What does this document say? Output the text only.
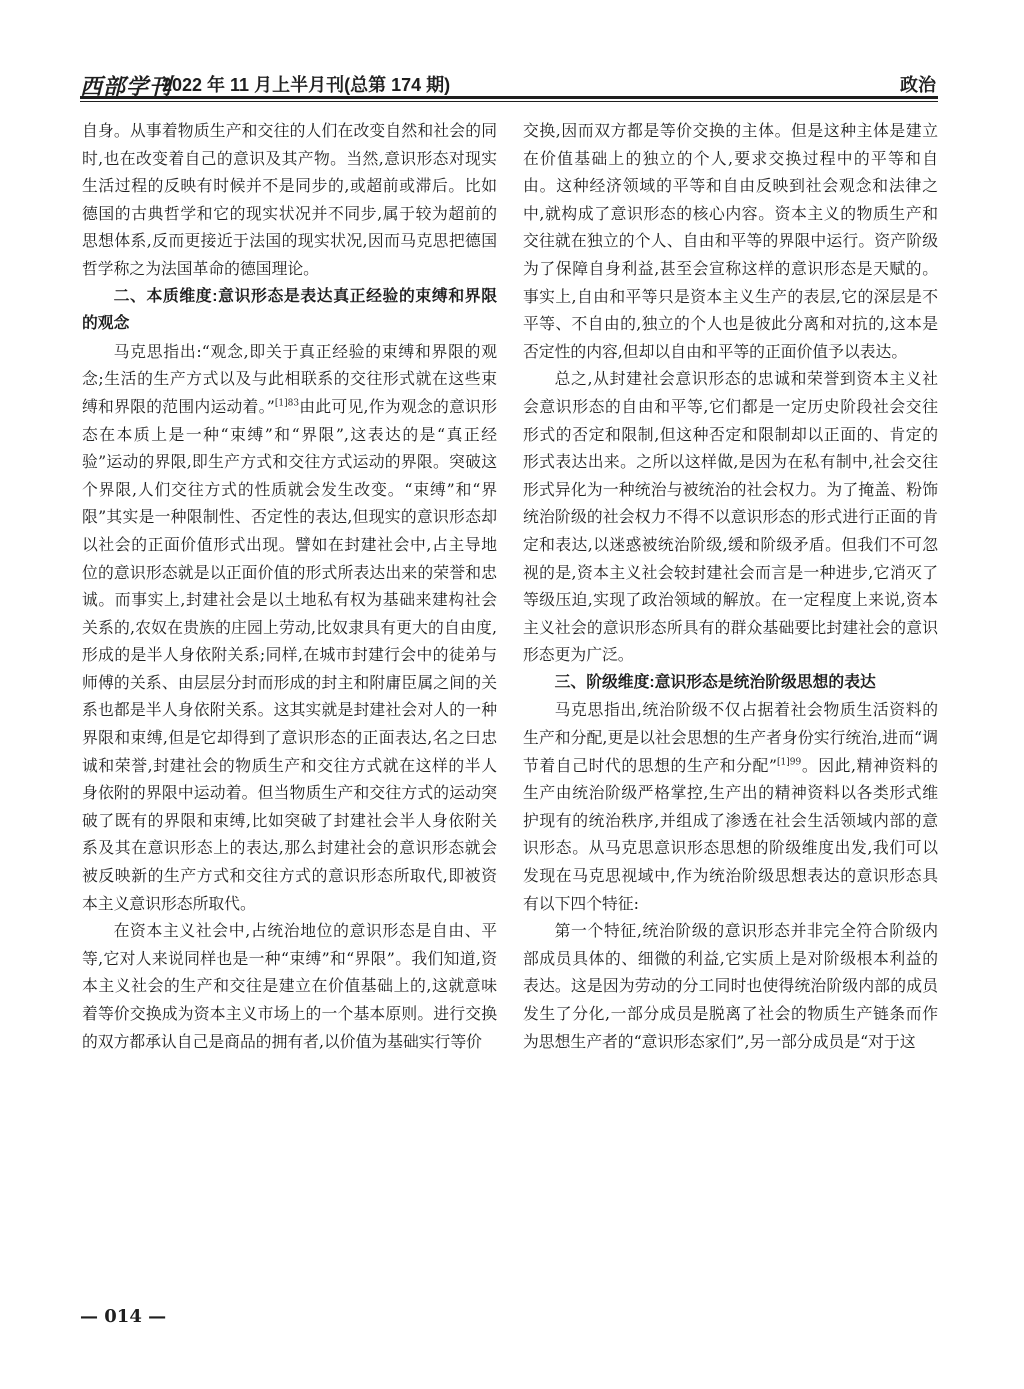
西部学刊
2022 年 11 月上半月刊(总第 174 期)	政治

自身。从事着物质生产和交往的人们在改变自然和社会的同时,也在改变着自己的意识及其产物。当然,意识形态对现实生活过程的反映有时候并不是同步的,或超前或滞后。比如德国的古典哲学和它的现实状况并不同步,属于较为超前的思想体系,反而更接近于法国的现实状况,因而马克思把德国哲学称之为法国革命的德国理论。

二、本质维度:意识形态是表达真正经验的束缚和界限的观念

马克思指出:“观念,即关于真正经验的束缚和界限的观念;生活的生产方式以及与此相联系的交往形式就在这些束缚和界限的范围内运动着。”$^{[1]83}$由此可见,作为观念的意识形态在本质上是一种“束缚”和“界限”,这表达的是“真正经验”运动的界限,即生产方式和交往方式运动的界限。突破这个界限,人们交往方式的性质就会发生改变。“束缚”和“界限”其实是一种限制性、否定性的表达,但现实的意识形态却以社会的正面价值形式出现。譬如在封建社会中,占主导地位的意识形态就是以正面价值的形式所表达出来的荣誉和忠诚。而事实上,封建社会是以土地私有权为基础来建构社会关系的,农奴在贵族的庄园上劳动,比奴隶具有更大的自由度,形成的是半人身依附关系;同样,在城市封建行会中的徒弟与师傅的关系、由层层分封而形成的封主和附庸臣属之间的关系也都是半人身依附关系。这其实就是封建社会对人的一种界限和束缚,但是它却得到了意识形态的正面表达,名之曰忠诚和荣誉,封建社会的物质生产和交往方式就在这样的半人身依附的界限中运动着。但当物质生产和交往方式的运动突破了既有的界限和束缚,比如突破了封建社会半人身依附关系及其在意识形态上的表达,那么封建社会的意识形态就会被反映新的生产方式和交往方式的意识形态所取代,即被资本主义意识形态所取代。

在资本主义社会中,占统治地位的意识形态是自由、平等,它对人来说同样也是一种“束缚”和“界限”。我们知道,资本主义社会的生产和交往是建立在价值基础上的,这就意味着等价交换成为资本主义市场上的一个基本原则。进行交换的双方都承认自己是商品的拥有者,以价值为基础实行等价

交换,因而双方都是等价交换的主体。但是这种主体是建立在价值基础上的独立的个人,要求交换过程中的平等和自由。这种经济领域的平等和自由反映到社会观念和法律之中,就构成了意识形态的核心内容。资本主义的物质生产和交往就在独立的个人、自由和平等的界限中运行。资产阶级为了保障自身利益,甚至会宣称这样的意识形态是天赋的。事实上,自由和平等只是资本主义生产的表层,它的深层是不平等、不自由的,独立的个人也是彼此分离和对抗的,这本是否定性的内容,但却以自由和平等的正面价值予以表达。

总之,从封建社会意识形态的忠诚和荣誉到资本主义社会意识形态的自由和平等,它们都是一定历史阶段社会交往形式的否定和限制,但这种否定和限制却以正面的、肯定的形式表达出来。之所以这样做,是因为在私有制中,社会交往形式异化为一种统治与被统治的社会权力。为了掩盖、粉饰统治阶级的社会权力不得不以意识形态的形式进行正面的肯定和表达,以迷惑被统治阶级,缓和阶级矛盾。但我们不可忽视的是,资本主义社会较封建社会而言是一种进步,它消灭了等级压迫,实现了政治领域的解放。在一定程度上来说,资本主义社会的意识形态所具有的群众基础要比封建社会的意识形态更为广泛。

三、阶级维度:意识形态是统治阶级思想的表达

马克思指出,统治阶级不仅占据着社会物质生活资料的生产和分配,更是以社会思想的生产者身份实行统治,进而“调节着自己时代的思想的生产和分配”$^{[1]99}$。因此,精神资料的生产由统治阶级严格掌控,生产出的精神资料以各类形式维护现有的统治秩序,并组成了渗透在社会生活领域内部的意识形态。从马克思意识形态思想的阶级维度出发,我们可以发现在马克思视域中,作为统治阶级思想表达的意识形态具有以下四个特征:

第一个特征,统治阶级的意识形态并非完全符合阶级内部成员具体的、细微的利益,它实质上是对阶级根本利益的表达。这是因为劳动的分工同时也使得统治阶级内部的成员发生了分化,一部分成员是脱离了社会的物质生产链条而作为思想生产者的“意识形态家们”,另一部分成员是“对于这

— 014 —
